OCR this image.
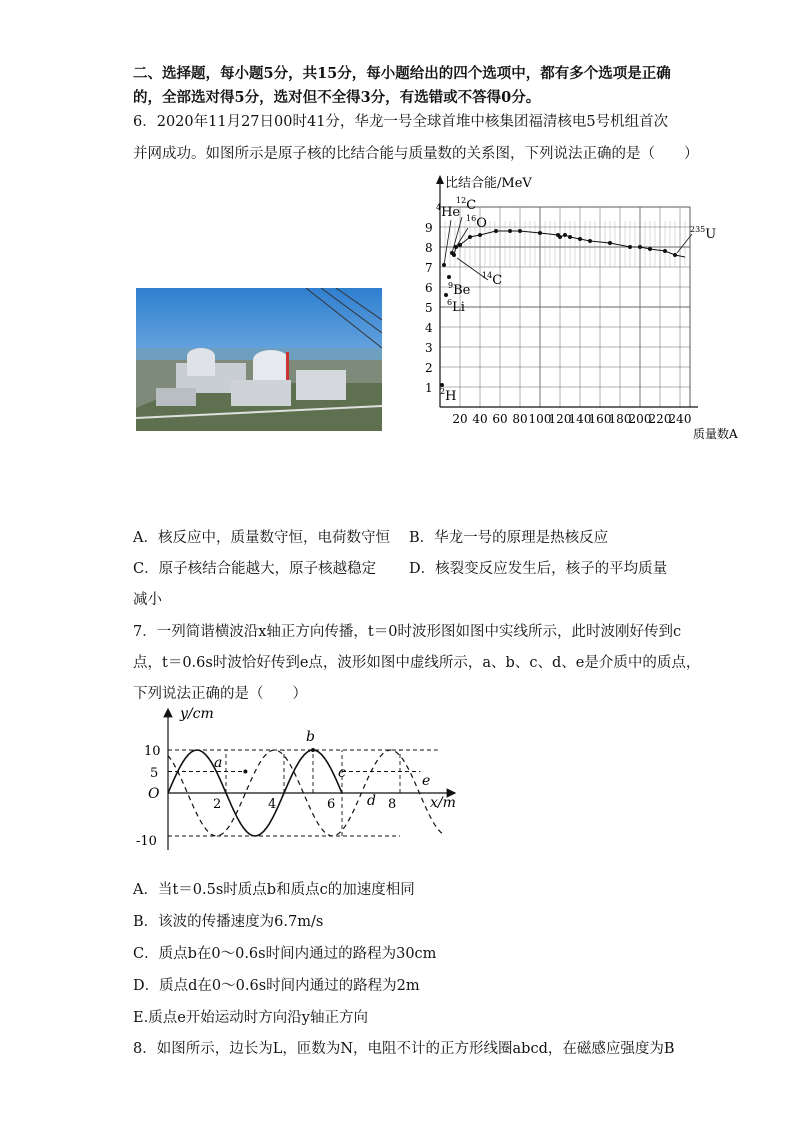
二、选择题，每小题5分，共15分，每小题给出的四个选项中，都有多个选项是正确
的，全部选对得5分，选对但不全得3分，有选错或不答得0分。
6．2020年11月27日00时41分，华龙一号全球首堆中核集团福清核电5号机组首次
并网成功。如图所示是原子核的比结合能与质量数的关系图，下列说法正确的是（　　）
比结合能/MeV
质量数A
1
2
3
4
5
6
7
8
9
20 40 60 80 100
120
140
160
180
200
220
240
$^4$He
$^{12}$C
$^{16}$O	$^{235}$U
$^{14}$C
$^9$Be
$^6$Li
$^2$H
A．核反应中，质量数守恒，电荷数守恒 B．华龙一号的原理是热核反应
C．原子核结合能越大，原子核越稳定 D．核裂变反应发生后，核子的平均质量
减小
7．一列简谐横波沿x轴正方向传播，t＝0时波形图如图中实线所示，此时波刚好传到c
点，t＝0.6s时波恰好传到e点，波形如图中虚线所示，a、b、c、d、e是介质中的质点，
下列说法正确的是（　　）
y/cm
x/m
O
10
5
-10
2	4	6	8
a
b
c
d
e
A．当t＝0.5s时质点b和质点c的加速度相同
B．该波的传播速度为6.7m/s
C．质点b在0～0.6s时间内通过的路程为30cm
D．质点d在0～0.6s时间内通过的路程为2m
E.质点e开始运动时方向沿y轴正方向
8．如图所示，边长为L，匝数为N，电阻不计的正方形线圈abcd，在磁感应强度为B
